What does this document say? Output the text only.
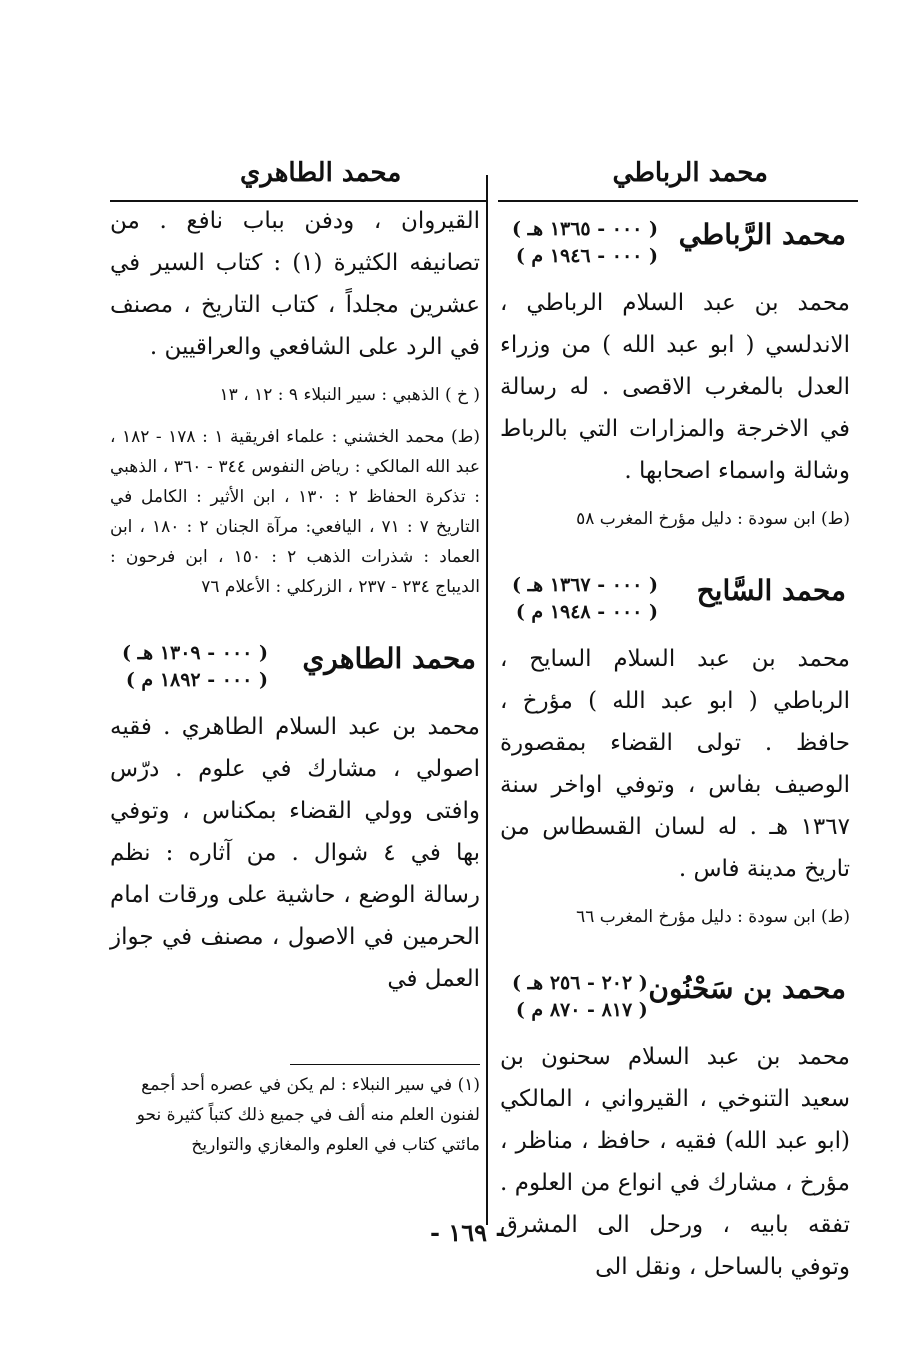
محمد الرباطي
محمد الطاهري
محمد الرَّباطي
( ٠٠٠ - ١٣٦٥ هـ )
( ٠٠٠ - ١٩٤٦ م )

محمد بن عبد السلام الرباطي ، الاندلسي ( ابو عبد الله ) من وزراء العدل بالمغرب الاقصى . له رسالة في الاخرجة والمزارات التي بالرباط وشالة واسماء اصحابها .

(ط) ابن سودة : دليل مؤرخ المغرب ٥٨

محمد السَّايح
( ٠٠٠ - ١٣٦٧ هـ )
( ٠٠٠ - ١٩٤٨ م )

محمد بن عبد السلام السايح ، الرباطي ( ابو عبد الله ) مؤرخ ، حافظ . تولى القضاء بمقصورة الوصيف بفاس ، وتوفي اواخر سنة ١٣٦٧ هـ . له لسان القسطاس من تاريخ مدينة فاس .

(ط) ابن سودة : دليل مؤرخ المغرب ٦٦

محمد بن سَحْنُون
( ٢٠٢ - ٢٥٦ هـ )
( ٨١٧ - ٨٧٠ م )

محمد بن عبد السلام سحنون بن سعيد التنوخي ، القيرواني ، المالكي (ابو عبد الله) فقيه ، حافظ ، مناظر ، مؤرخ ، مشارك في انواع من العلوم . تفقه بابيه ، ورحل الى المشرق وتوفي بالساحل ، ونقل الى

القيروان ، ودفن بباب نافع . من تصانيفه الكثيرة (١) : كتاب السير في عشرين مجلداً ، كتاب التاريخ ، مصنف في الرد على الشافعي والعراقيين .

( خ ) الذهبي : سير النبلاء ٩ : ١٢ ، ١٣

(ط) محمد الخشني : علماء افريقية ١ : ١٧٨ - ١٨٢ ، عبد الله المالكي : رياض النفوس ٣٤٤ - ٣٦٠ ، الذهبي : تذكرة الحفاظ ٢ : ١٣٠ ، ابن الأثير : الكامل في التاريخ ٧ : ٧١ ، اليافعي: مرآة الجنان ٢ : ١٨٠ ، ابن العماد : شذرات الذهب ٢ : ١٥٠ ، ابن فرحون : الديباج ٢٣٤ - ٢٣٧ ، الزركلي : الأعلام ٧٦

محمد الطاهري
( ٠٠٠ - ١٣٠٩ هـ )
( ٠٠٠ - ١٨٩٢ م )

محمد بن عبد السلام الطاهري . فقيه اصولي ، مشارك في علوم . درّس وافتى وولي القضاء بمكناس ، وتوفي بها في ٤ شوال . من آثاره : نظم رسالة الوضع ، حاشية على ورقات امام الحرمين في الاصول ، مصنف في جواز العمل في

(١) في سير النبلاء : لم يكن في عصره أحد أجمع لفنون العلم منه ألف في جميع ذلك كتباً كثيرة نحو مائتي كتاب في العلوم والمغازي والتواريخ
- ١٦٩ -
